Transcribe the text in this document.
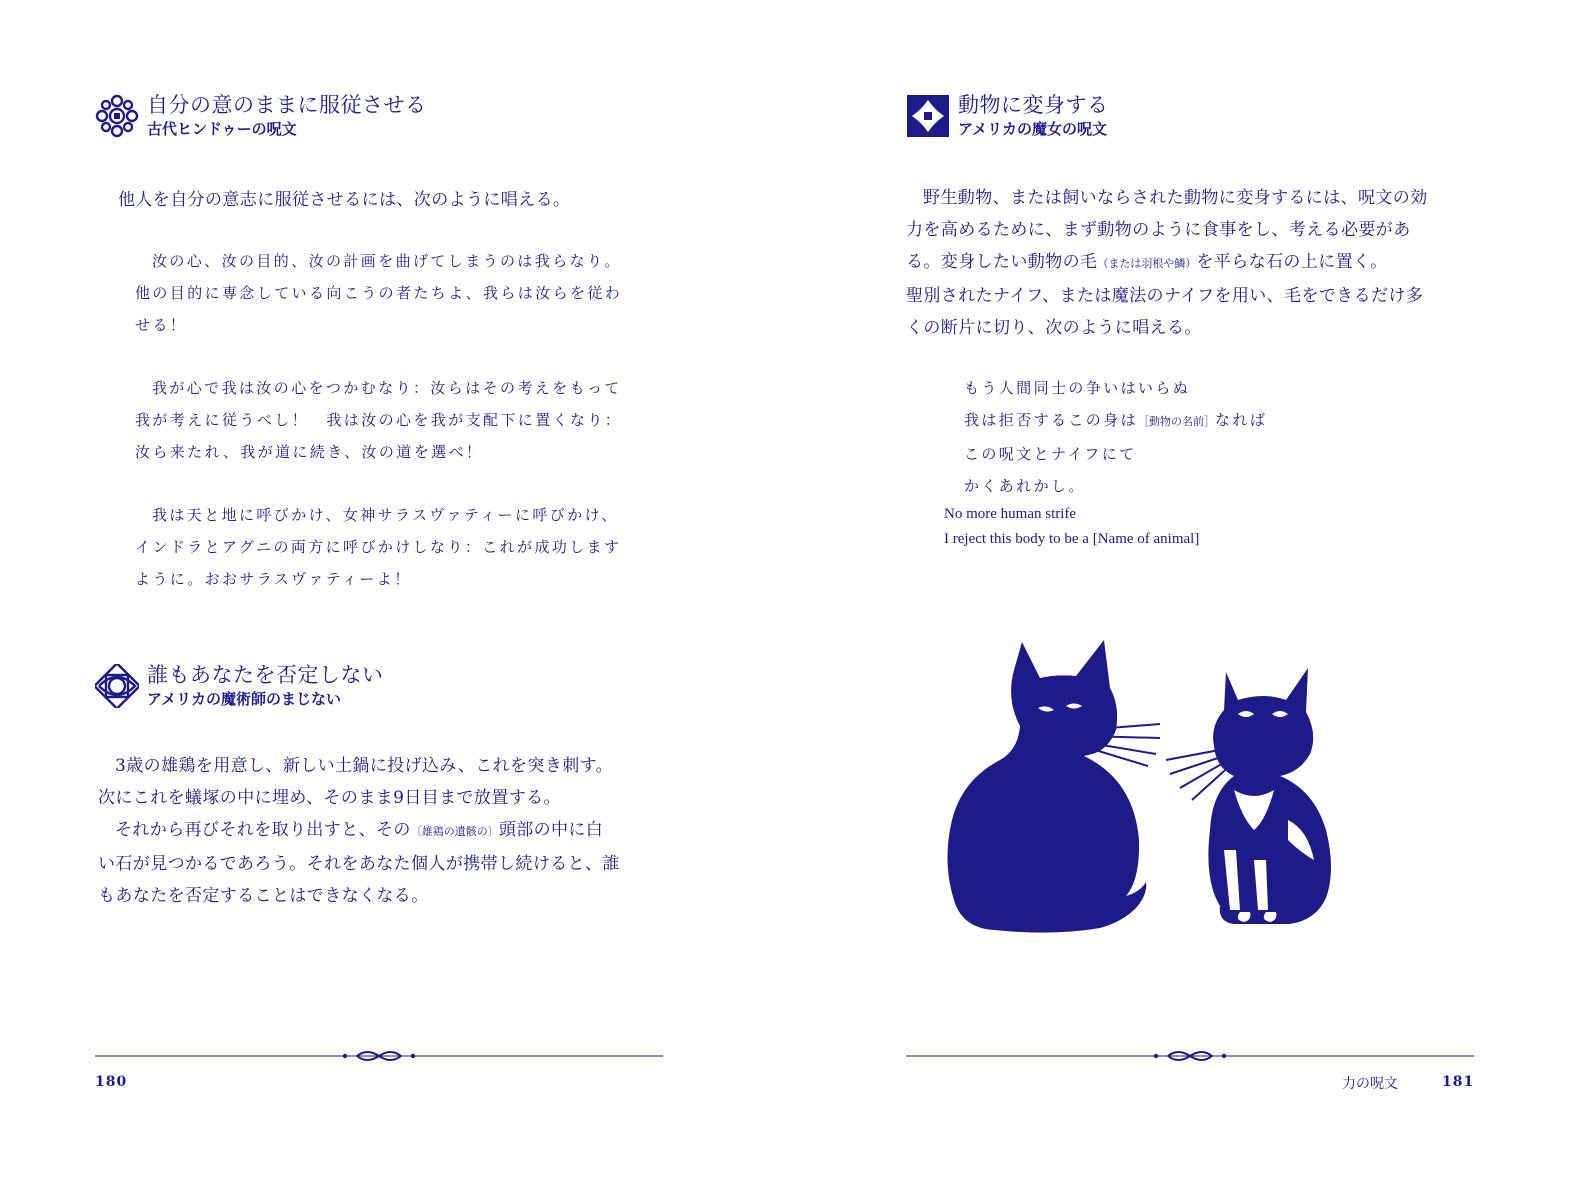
自分の意のままに服従させる
古代ヒンドゥーの呪文

他人を自分の意志に服従させるには、次のように唱える。

汝の心、汝の目的、汝の計画を曲げてしまうのは我らなり。

他の目的に専念している向こうの者たちよ、我らは汝らを従わ

せる！

我が心で我は汝の心をつかむなり：汝らはその考えをもって

我が考えに従うべし！　我は汝の心を我が支配下に置くなり：

汝ら来たれ、我が道に続き、汝の道を選べ！

我は天と地に呼びかけ、女神サラスヴァティーに呼びかけ、

インドラとアグニの両方に呼びかけしなり：これが成功します

ように。おおサラスヴァティーよ！

誰もあなたを否定しない
アメリカの魔術師のまじない

3歳の雄鶏を用意し、新しい土鍋に投げ込み、これを突き刺す。

次にこれを蟻塚の中に埋め、そのまま9日目まで放置する。

それから再びそれを取り出すと、その〔雄鶏の遺骸の〕頭部の中に白

い石が見つかるであろう。それをあなた個人が携帯し続けると、誰

もあなたを否定することはできなくなる。

180
動物に変身する
アメリカの魔女の呪文

野生動物、または飼いならされた動物に変身するには、呪文の効

力を高めるために、まず動物のように食事をし、考える必要があ

る。変身したい動物の毛（または羽根や鱗）を平らな石の上に置く。

聖別されたナイフ、または魔法のナイフを用い、毛をできるだけ多

くの断片に切り、次のように唱える。

もう人間同士の争いはいらぬ

我は拒否するこの身は［動物の名前］なれば

この呪文とナイフにて

かくあれかし。

No more human strife

I reject this body to be a [Name of animal]

力の呪文	181
